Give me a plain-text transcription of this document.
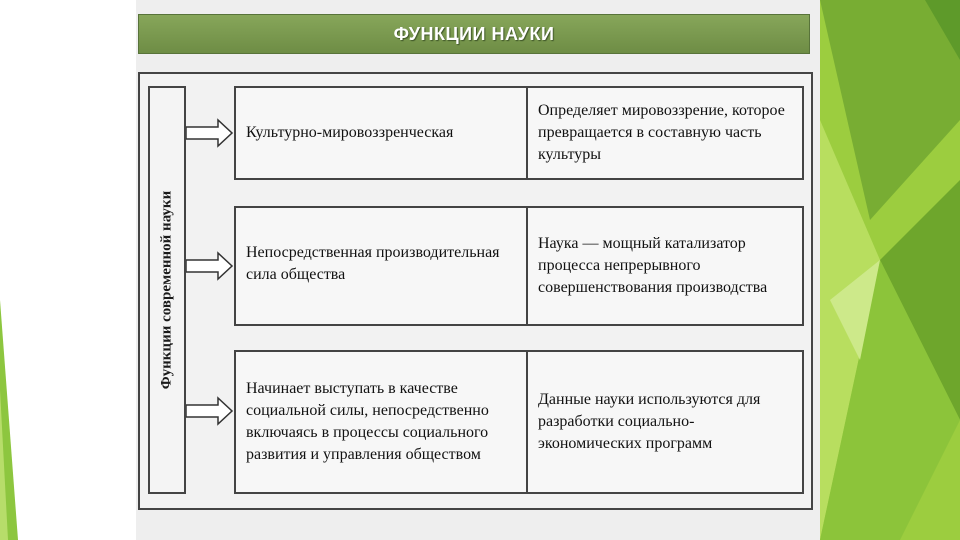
ФУНКЦИИ НАУКИ
Функции современной науки
Культурно-мировоззренческая
Определяет мировоззрение, которое превращается в составную часть культуры
Непосредственная производительная сила общества
Наука — мощный катализатор процесса непрерывного совершенствования производства
Начинает выступать в качестве социальной силы, непосредственно включаясь в процессы социального развития и управления обществом
Данные науки используются для разработки социально-экономических программ
